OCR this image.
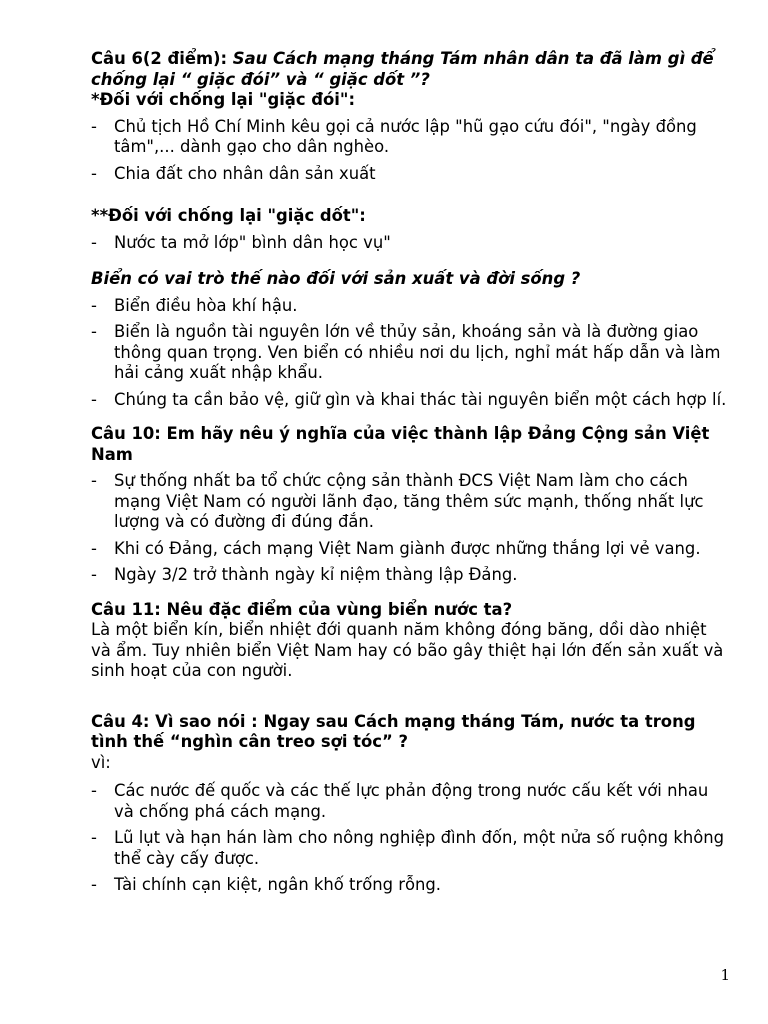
Câu 6(2 điểm): Sau Cách mạng tháng Tám nhân dân ta đã làm gì để chống lại “ giặc đói” và “ giặc dốt ”?
*Đối với chống lại "giặc đói":
- Chủ tịch Hồ Chí Minh kêu gọi cả nước lập "hũ gạo cứu đói", "ngày đồng tâm",... dành gạo cho dân nghèo.
- Chia đất cho nhân dân sản xuất
**Đối với chống lại "giặc dốt":
- Nước ta mở lớp" bình dân học vụ"
Biển có vai trò thế nào đối với sản xuất và đời sống ?
- Biển điều hòa khí hậu.
- Biển là nguồn tài nguyên lớn về thủy sản, khoáng sản và là đường giao thông quan trọng. Ven biển có nhiều nơi du lịch, nghỉ mát hấp dẫn và làm hải cảng xuất nhập khẩu.
- Chúng ta cần bảo vệ, giữ gìn và khai thác tài nguyên biển một cách hợp lí.
Câu 10: Em hãy nêu ý nghĩa của việc thành lập Đảng Cộng sản Việt Nam
- Sự thống nhất ba tổ chức cộng sản thành ĐCS Việt Nam làm cho cách mạng Việt Nam có người lãnh đạo, tăng thêm sức mạnh, thống nhất lực lượng và có đường đi đúng đắn.
- Khi có Đảng, cách mạng Việt Nam giành được những thắng lợi vẻ vang.
- Ngày 3/2 trở thành ngày kỉ niệm thàng lập Đảng.
Câu 11: Nêu đặc điểm của vùng biển nước ta?
Là một biển kín, biển nhiệt đới quanh năm không đóng băng, dồi dào nhiệt và ẩm. Tuy nhiên biển Việt Nam hay có bão gây thiệt hại lớn đến sản xuất và sinh hoạt của con người.
Câu 4: Vì sao nói : Ngay sau Cách mạng tháng Tám, nước ta trong tình thế “nghìn cân treo sợi tóc” ?
vì:
- Các nước đế quốc và các thế lực phản động trong nước cấu kết với nhau và chống phá cách mạng.
- Lũ lụt và hạn hán làm cho nông nghiệp đình đốn, một nửa số ruộng không thể cày cấy được.
- Tài chính cạn kiệt, ngân khố trống rỗng.
1
